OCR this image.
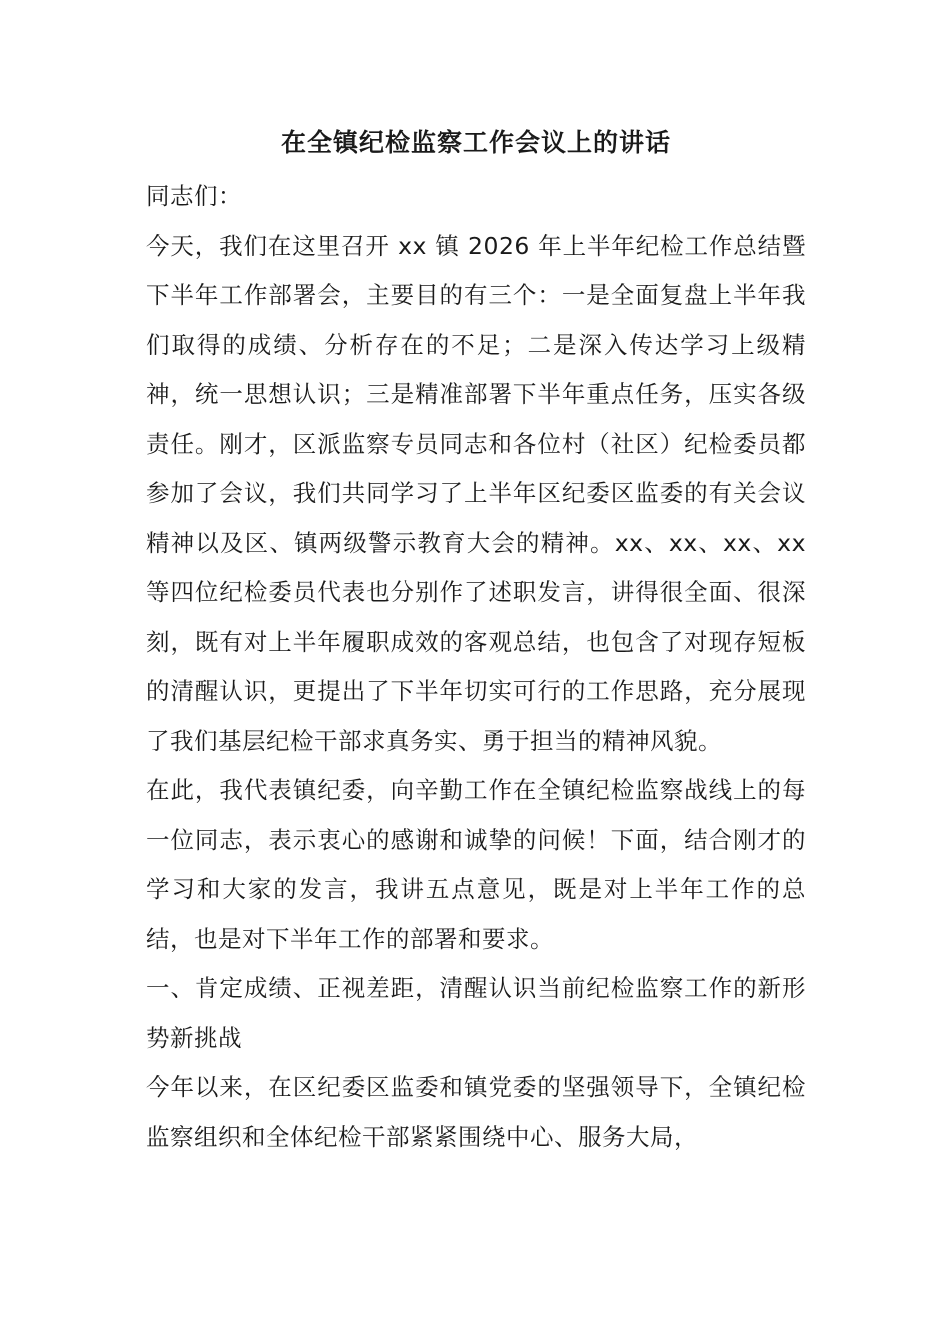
在全镇纪检监察工作会议上的讲话

同志们：

今天，我们在这里召开 xx 镇 2026 年上半年纪检工作总结暨下半年工作部署会，主要目的有三个：一是全面复盘上半年我们取得的成绩、分析存在的不足；二是深入传达学习上级精神，统一思想认识；三是精准部署下半年重点任务，压实各级责任。刚才，区派监察专员同志和各位村（社区）纪检委员都参加了会议，我们共同学习了上半年区纪委区监委的有关会议精神以及区、镇两级警示教育大会的精神。xx、xx、xx、xx 等四位纪检委员代表也分别作了述职发言，讲得很全面、很深刻，既有对上半年履职成效的客观总结，也包含了对现存短板的清醒认识，更提出了下半年切实可行的工作思路，充分展现了我们基层纪检干部求真务实、勇于担当的精神风貌。

在此，我代表镇纪委，向辛勤工作在全镇纪检监察战线上的每一位同志，表示衷心的感谢和诚挚的问候！下面，结合刚才的学习和大家的发言，我讲五点意见，既是对上半年工作的总结，也是对下半年工作的部署和要求。

一、肯定成绩、正视差距，清醒认识当前纪检监察工作的新形势新挑战

今年以来，在区纪委区监委和镇党委的坚强领导下，全镇纪检监察组织和全体纪检干部紧紧围绕中心、服务大局，
